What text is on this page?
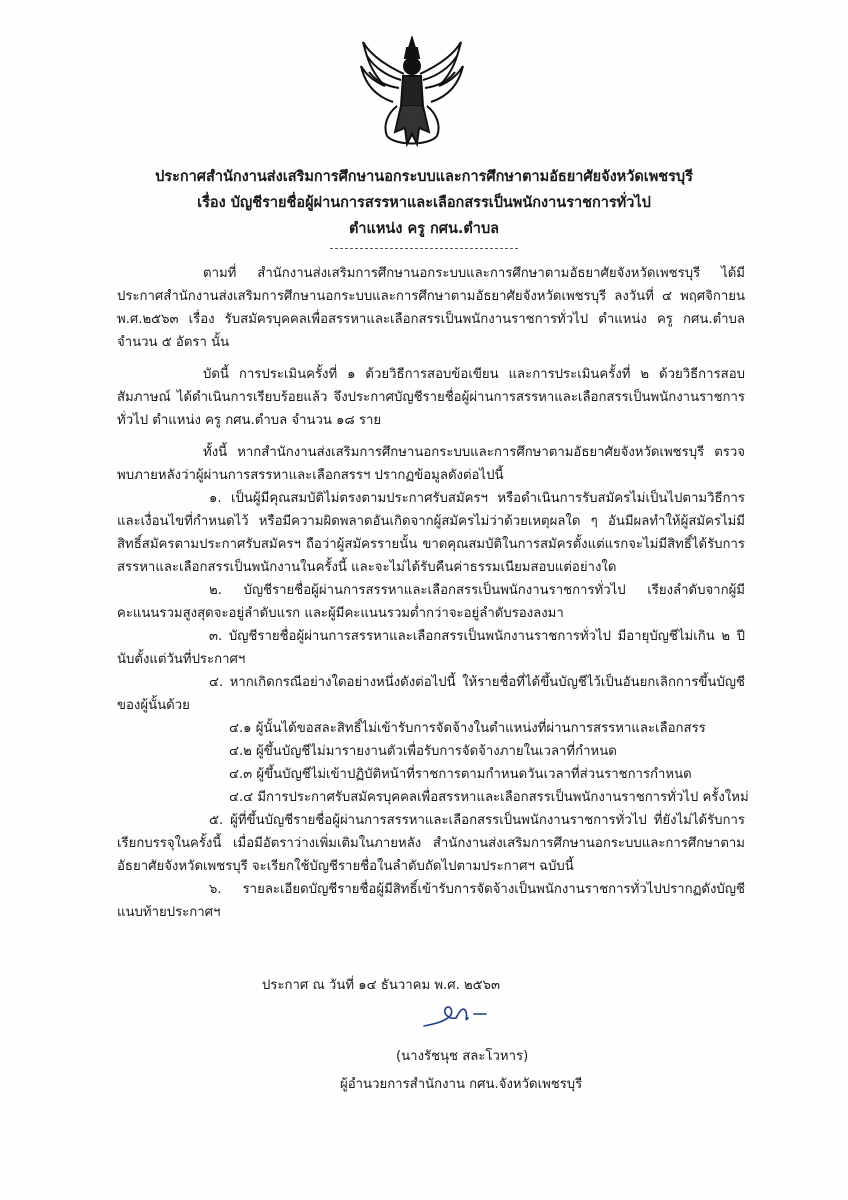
ประกาศสำนักงานส่งเสริมการศึกษานอกระบบและการศึกษาตามอัธยาศัยจังหวัดเพชรบุรี
เรื่อง บัญชีรายชื่อผู้ผ่านการสรรหาและเลือกสรรเป็นพนักงานราชการทั่วไป
ตำแหน่ง ครู กศน.ตำบล

ตามที่ สำนักงานส่งเสริมการศึกษานอกระบบและการศึกษาตามอัธยาศัยจังหวัดเพชรบุรี ได้มีประกาศสำนักงานส่งเสริมการศึกษานอกระบบและการศึกษาตามอัธยาศัยจังหวัดเพชรบุรี ลงวันที่ ๔ พฤศจิกายน พ.ศ.๒๕๖๓ เรื่อง รับสมัครบุคคลเพื่อสรรหาและเลือกสรรเป็นพนักงานราชการทั่วไป ตำแหน่ง ครู กศน.ตำบล จำนวน ๕ อัตรา นั้น

บัดนี้ การประเมินครั้งที่ ๑ ด้วยวิธีการสอบข้อเขียน และการประเมินครั้งที่ ๒ ด้วยวิธีการสอบสัมภาษณ์ ได้ดำเนินการเรียบร้อยแล้ว จึงประกาศบัญชีรายชื่อผู้ผ่านการสรรหาและเลือกสรรเป็นพนักงานราชการทั่วไป ตำแหน่ง ครู กศน.ตำบล จำนวน ๑๘ ราย

ทั้งนี้ หากสำนักงานส่งเสริมการศึกษานอกระบบและการศึกษาตามอัธยาศัยจังหวัดเพชรบุรี ตรวจพบภายหลังว่าผู้ผ่านการสรรหาและเลือกสรรฯ ปรากฏข้อมูลดังต่อไปนี้

๑. เป็นผู้มีคุณสมบัติไม่ตรงตามประกาศรับสมัครฯ หรือดำเนินการรับสมัครไม่เป็นไปตามวิธีการและเงื่อนไขที่กำหนดไว้ หรือมีความผิดพลาดอันเกิดจากผู้สมัครไม่ว่าด้วยเหตุผลใด ๆ อันมีผลทำให้ผู้สมัครไม่มีสิทธิ์สมัครตามประกาศรับสมัครฯ ถือว่าผู้สมัครรายนั้น ขาดคุณสมบัติในการสมัครตั้งแต่แรกจะไม่มีสิทธิ์ได้รับการสรรหาและเลือกสรรเป็นพนักงานในครั้งนี้ และจะไม่ได้รับคืนค่าธรรมเนียมสอบแต่อย่างใด

๒. บัญชีรายชื่อผู้ผ่านการสรรหาและเลือกสรรเป็นพนักงานราชการทั่วไป เรียงลำดับจากผู้มีคะแนนรวมสูงสุดจะอยู่ลำดับแรก และผู้มีคะแนนรวมต่ำกว่าจะอยู่ลำดับรองลงมา

๓. บัญชีรายชื่อผู้ผ่านการสรรหาและเลือกสรรเป็นพนักงานราชการทั่วไป มีอายุบัญชีไม่เกิน ๒ ปี นับตั้งแต่วันที่ประกาศฯ

๔. หากเกิดกรณีอย่างใดอย่างหนึ่งดังต่อไปนี้ ให้รายชื่อที่ได้ขึ้นบัญชีไว้เป็นอันยกเลิกการขึ้นบัญชีของผู้นั้นด้วย

๔.๑ ผู้นั้นได้ขอสละสิทธิ์ไม่เข้ารับการจัดจ้างในตำแหน่งที่ผ่านการสรรหาและเลือกสรร

๔.๒ ผู้ขึ้นบัญชีไม่มารายงานตัวเพื่อรับการจัดจ้างภายในเวลาที่กำหนด

๔.๓ ผู้ขึ้นบัญชีไม่เข้าปฏิบัติหน้าที่ราชการตามกำหนดวันเวลาที่ส่วนราชการกำหนด

๔.๔ มีการประกาศรับสมัครบุคคลเพื่อสรรหาและเลือกสรรเป็นพนักงานราชการทั่วไป ครั้งใหม่

๕. ผู้ที่ขึ้นบัญชีรายชื่อผู้ผ่านการสรรหาและเลือกสรรเป็นพนักงานราชการทั่วไป ที่ยังไม่ได้รับการเรียกบรรจุในครั้งนี้ เมื่อมีอัตราว่างเพิ่มเติมในภายหลัง สำนักงานส่งเสริมการศึกษานอกระบบและการศึกษาตามอัธยาศัยจังหวัดเพชรบุรี จะเรียกใช้บัญชีรายชื่อในลำดับถัดไปตามประกาศฯ ฉบับนี้

๖. รายละเอียดบัญชีรายชื่อผู้มีสิทธิ์เข้ารับการจัดจ้างเป็นพนักงานราชการทั่วไปปรากฏดังบัญชีแนบท้ายประกาศฯ

ประกาศ ณ วันที่ ๑๔ ธันวาคม พ.ศ. ๒๕๖๓
(นางรัชนุช สละโวหาร)
ผู้อำนวยการสำนักงาน กศน.จังหวัดเพชรบุรี
